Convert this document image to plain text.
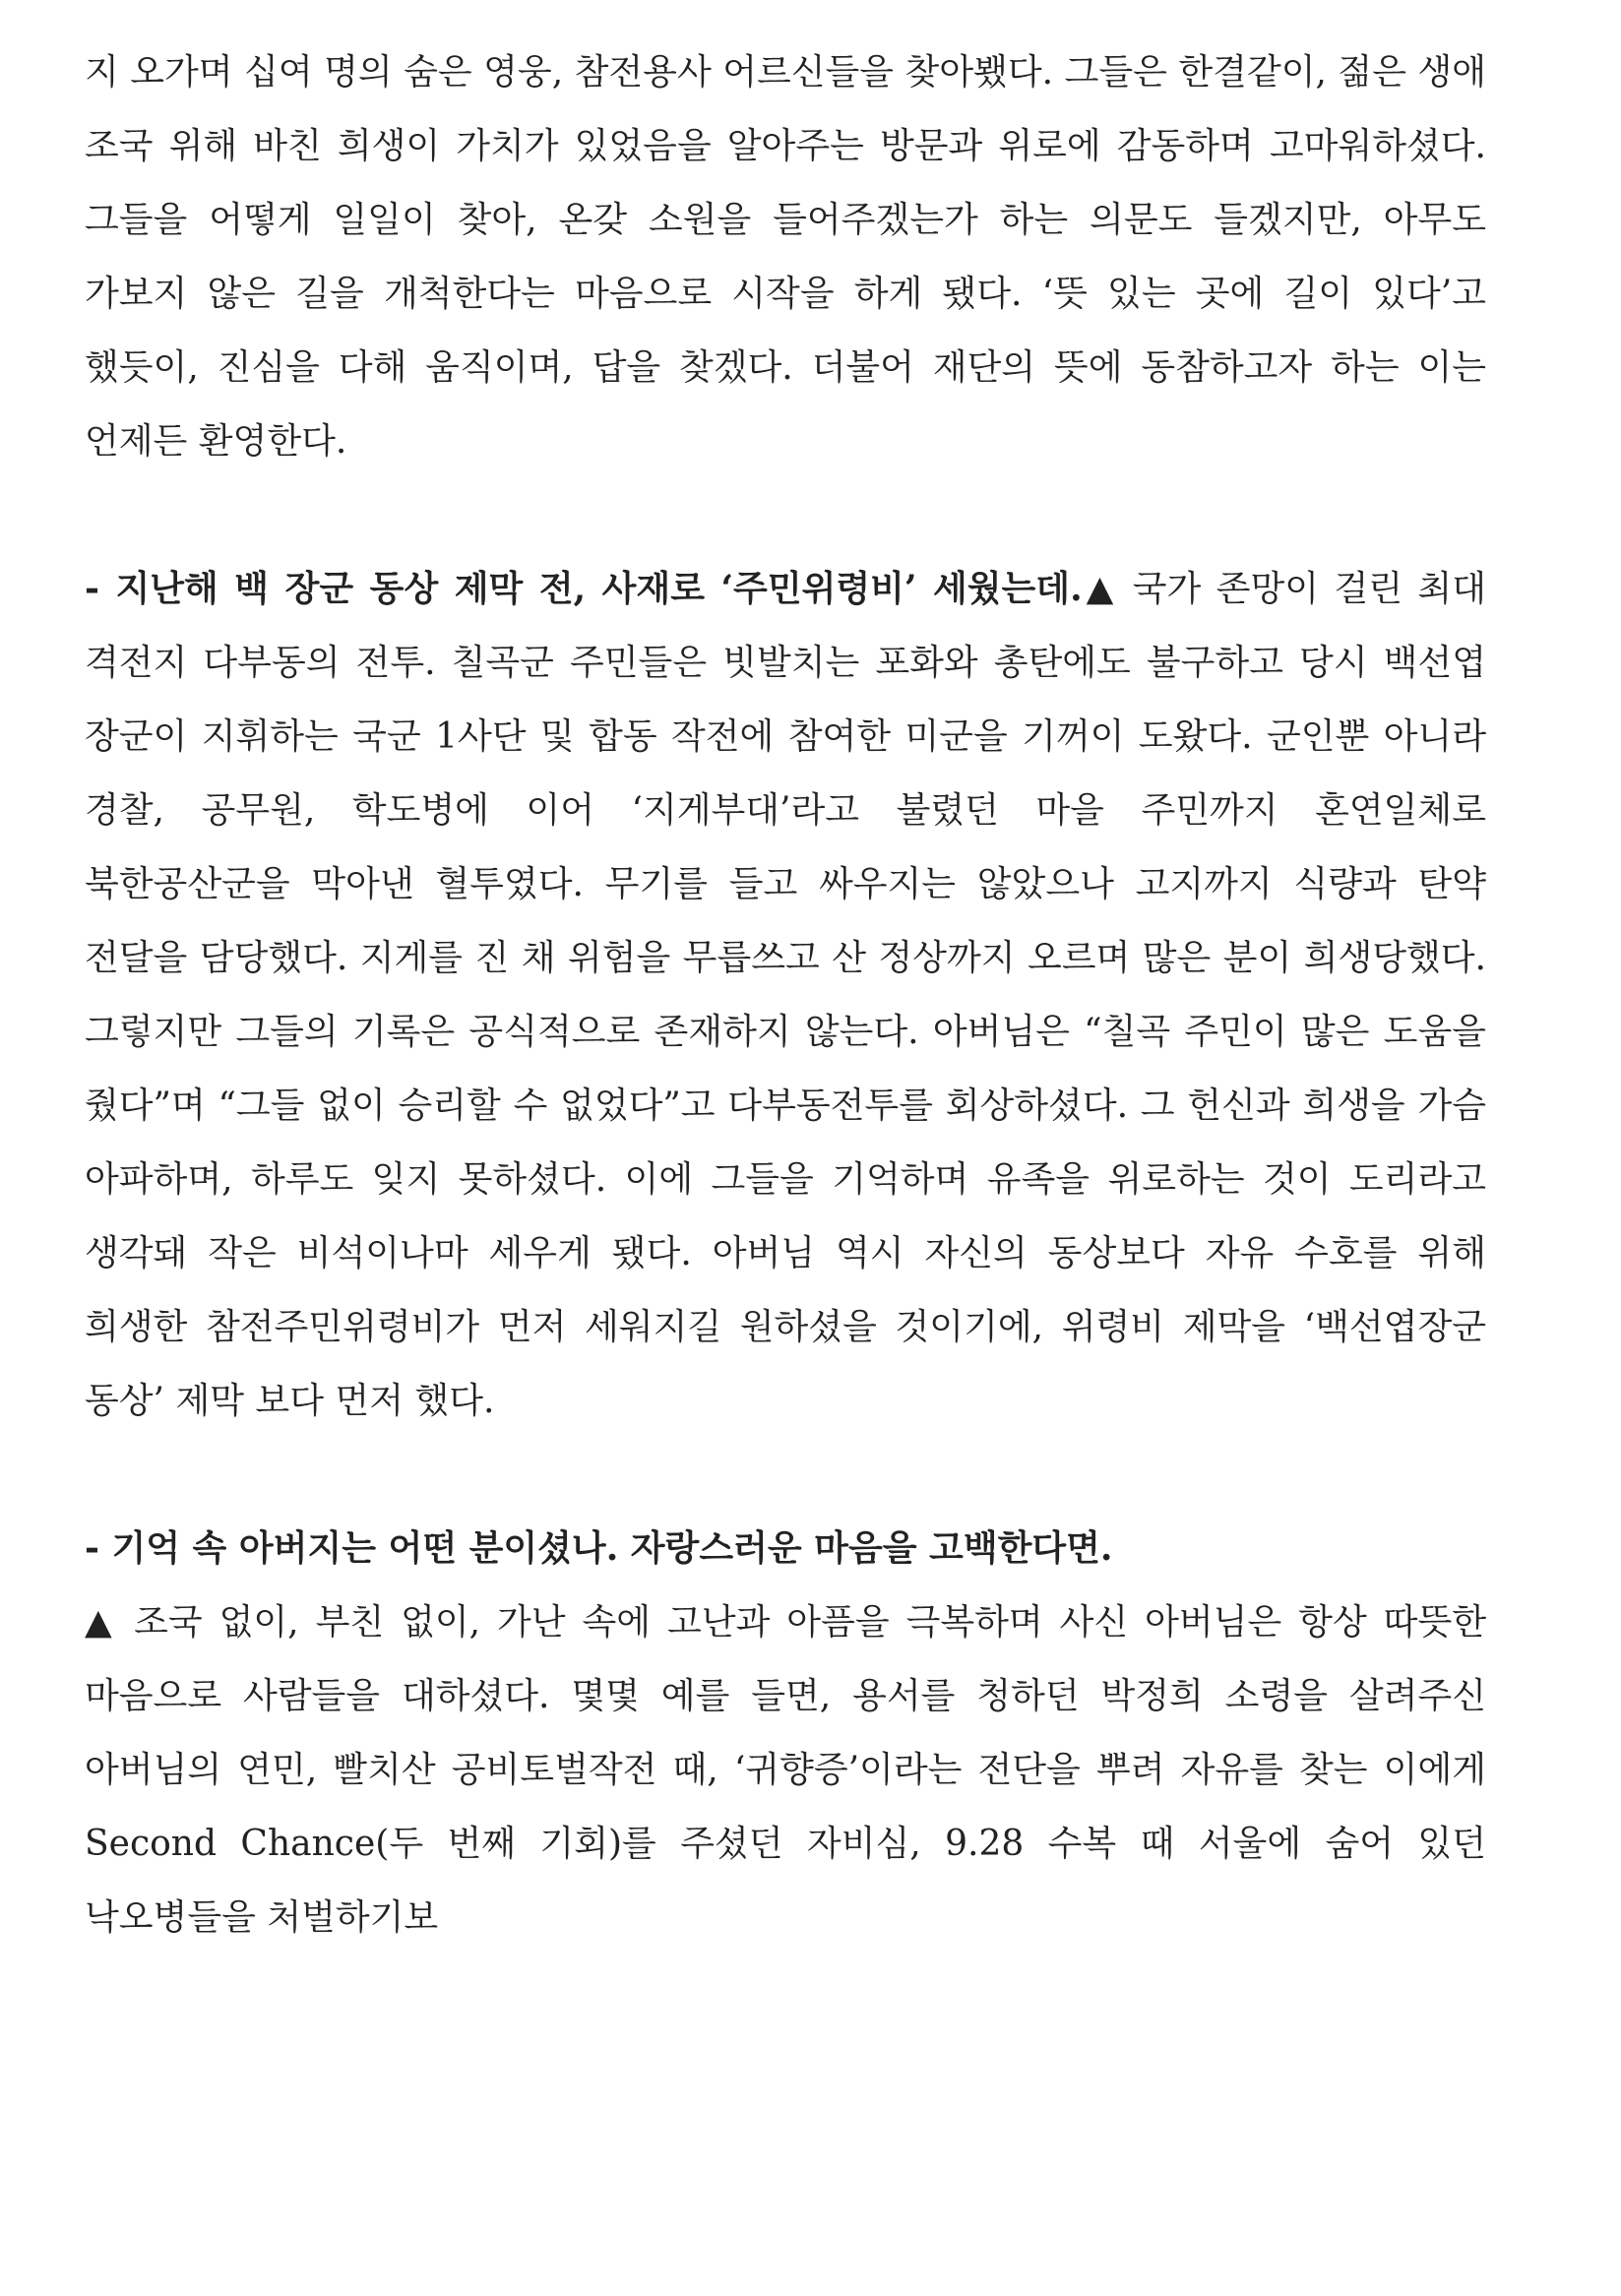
지 오가며 십여 명의 숨은 영웅, 참전용사 어르신들을 찾아뵀다. 그들은 한결같이, 젊은 생애 조국 위해 바친 희생이 가치가 있었음을 알아주는 방문과 위로에 감동하며 고마워하셨다. 그들을 어떻게 일일이 찾아, 온갖 소원을 들어주겠는가 하는 의문도 들겠지만, 아무도 가보지 않은 길을 개척한다는 마음으로 시작을 하게 됐다. ‘뜻 있는 곳에 길이 있다’고 했듯이, 진심을 다해 움직이며, 답을 찾겠다. 더불어 재단의 뜻에 동참하고자 하는 이는 언제든 환영한다.

- 지난해 백 장군 동상 제막 전, 사재로 ‘주민위령비’ 세웠는데.▲ 국가 존망이 걸린 최대 격전지 다부동의 전투. 칠곡군 주민들은 빗발치는 포화와 총탄에도 불구하고 당시 백선엽 장군이 지휘하는 국군 1사단 및 합동 작전에 참여한 미군을 기꺼이 도왔다. 군인뿐 아니라 경찰, 공무원, 학도병에 이어 ‘지게부대’라고 불렸던 마을 주민까지 혼연일체로 북한공산군을 막아낸 혈투였다. 무기를 들고 싸우지는 않았으나 고지까지 식량과 탄약 전달을 담당했다. 지게를 진 채 위험을 무릅쓰고 산 정상까지 오르며 많은 분이 희생당했다. 그렇지만 그들의 기록은 공식적으로 존재하지 않는다. 아버님은 “칠곡 주민이 많은 도움을 줬다”며 “그들 없이 승리할 수 없었다”고 다부동전투를 회상하셨다. 그 헌신과 희생을 가슴 아파하며, 하루도 잊지 못하셨다. 이에 그들을 기억하며 유족을 위로하는 것이 도리라고 생각돼 작은 비석이나마 세우게 됐다. 아버님 역시 자신의 동상보다 자유 수호를 위해 희생한 참전주민위령비가 먼저 세워지길 원하셨을 것이기에, 위령비 제막을 ‘백선엽장군 동상’ 제막 보다 먼저 했다.

- 기억 속 아버지는 어떤 분이셨나. 자랑스러운 마음을 고백한다면.

▲ 조국 없이, 부친 없이, 가난 속에 고난과 아픔을 극복하며 사신 아버님은 항상 따뜻한 마음으로 사람들을 대하셨다. 몇몇 예를 들면, 용서를 청하던 박정희 소령을 살려주신 아버님의 연민, 빨치산 공비토벌작전 때, ‘귀향증’이라는 전단을 뿌려 자유를 찾는 이에게 Second Chance(두 번째 기회)를 주셨던 자비심, 9.28 수복 때 서울에 숨어 있던 낙오병들을 처벌하기보
